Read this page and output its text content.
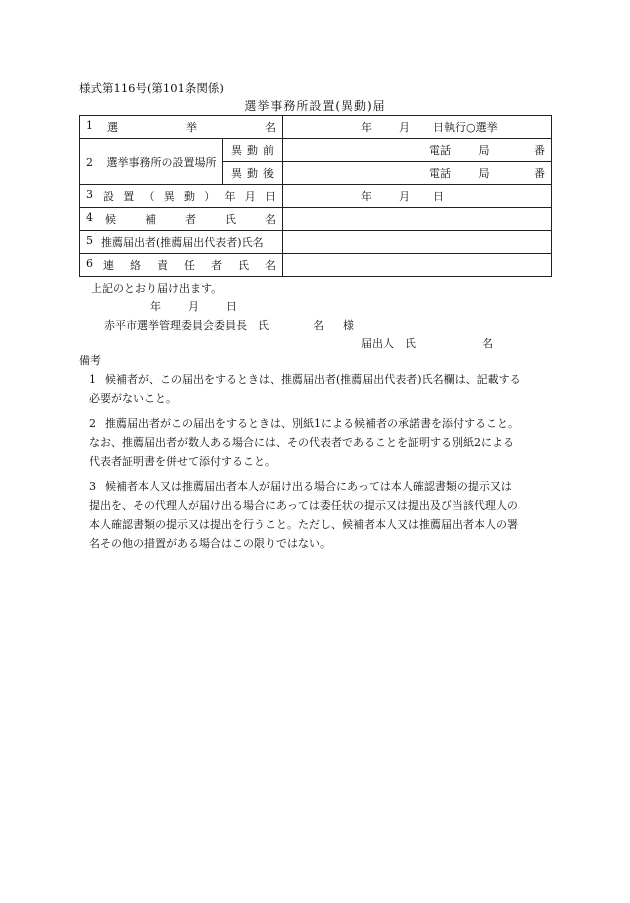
様式第116号(第101条関係)
選挙事務所設置(異動)届
1 選　　挙　　名		年 月 日執行○選挙

2 選挙事務所の設置場所	異動前	電話 局 番

	異動後	電話 局 番

3 設置（異動）年月日		年 月 日

4 候補者氏名		

5 推薦届出者(推薦届出代表者)氏名		

6 連絡責任者氏名		

上記のとおり届け出ます。
年 月 日
赤平市選挙管理委員会委員長　氏	名 様
届出人　氏	名
備考
1 候補者が、この届出をするときは、推薦届出者(推薦届出代表者)氏名欄は、記載する
必要がないこと。
2 推薦届出者がこの届出をするときは、別紙1による候補者の承諾書を添付すること。
なお、推薦届出者が数人ある場合には、その代表者であることを証明する別紙2による
代表者証明書を併せて添付すること。
3 候補者本人又は推薦届出者本人が届け出る場合にあっては本人確認書類の提示又は
提出を、その代理人が届け出る場合にあっては委任状の提示又は提出及び当該代理人の
本人確認書類の提示又は提出を行うこと。ただし、候補者本人又は推薦届出者本人の署
名その他の措置がある場合はこの限りではない。
